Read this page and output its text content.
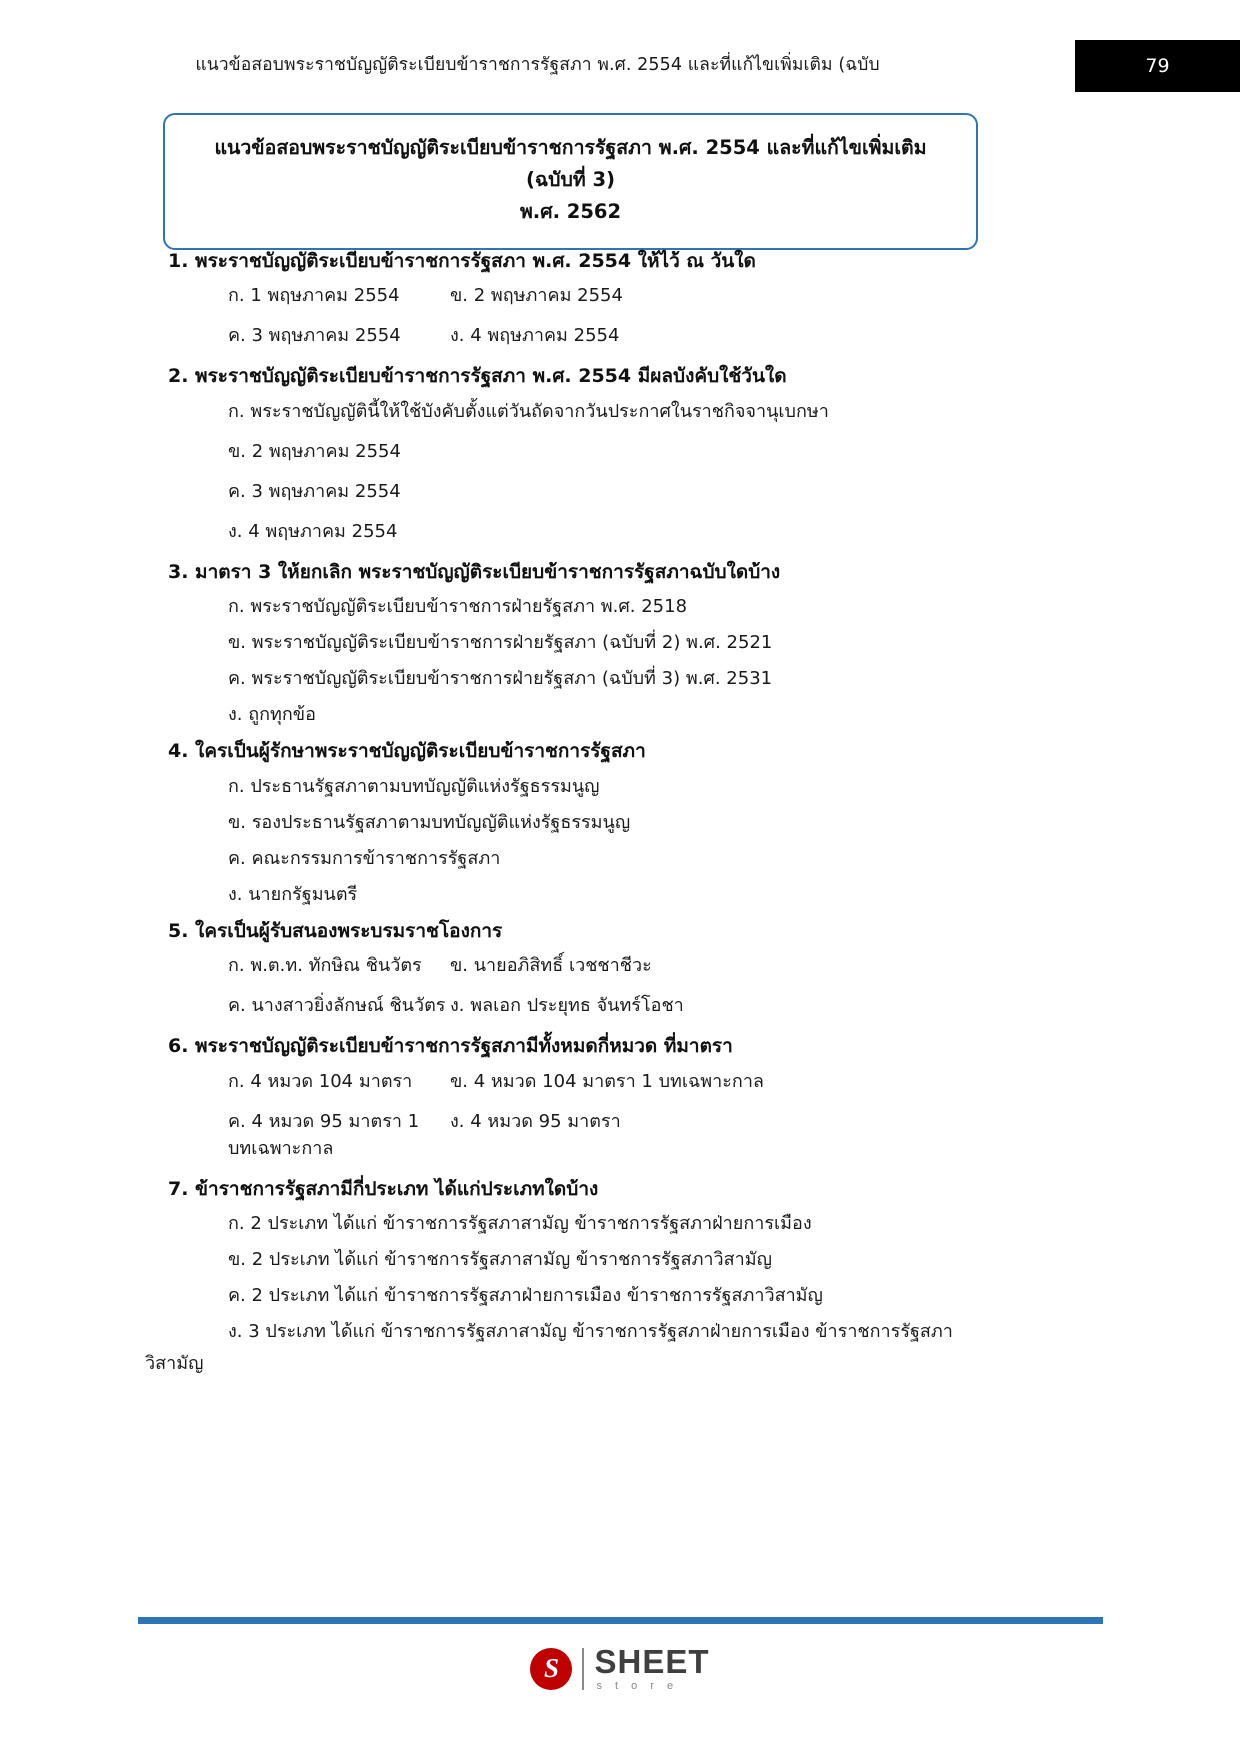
แนวข้อสอบพระราชบัญญัติระเบียบข้าราชการรัฐสภา พ.ศ. 2554 และที่แก้ไขเพิ่มเติม (ฉบับ	79
แนวข้อสอบพระราชบัญญัติระเบียบข้าราชการรัฐสภา พ.ศ. 2554 และที่แก้ไขเพิ่มเติม (ฉบับที่ 3)
พ.ศ. 2562
1. พระราชบัญญัติระเบียบข้าราชการรัฐสภา พ.ศ. 2554 ให้ไว้ ณ วันใด
ก. 1 พฤษภาคม 2554	ข. 2 พฤษภาคม 2554
ค. 3 พฤษภาคม 2554	ง. 4 พฤษภาคม 2554
2. พระราชบัญญัติระเบียบข้าราชการรัฐสภา พ.ศ. 2554 มีผลบังคับใช้วันใด
ก. พระราชบัญญัตินี้ให้ใช้บังคับตั้งแต่วันถัดจากวันประกาศในราชกิจจานุเบกษา
ข. 2 พฤษภาคม 2554
ค. 3 พฤษภาคม 2554
ง. 4 พฤษภาคม 2554
3. มาตรา 3 ให้ยกเลิก พระราชบัญญัติระเบียบข้าราชการรัฐสภาฉบับใดบ้าง
ก. พระราชบัญญัติระเบียบข้าราชการฝ่ายรัฐสภา พ.ศ. 2518
ข. พระราชบัญญัติระเบียบข้าราชการฝ่ายรัฐสภา (ฉบับที่ 2) พ.ศ. 2521
ค. พระราชบัญญัติระเบียบข้าราชการฝ่ายรัฐสภา (ฉบับที่ 3) พ.ศ. 2531
ง. ถูกทุกข้อ
4. ใครเป็นผู้รักษาพระราชบัญญัติระเบียบข้าราชการรัฐสภา
ก. ประธานรัฐสภาตามบทบัญญัติแห่งรัฐธรรมนูญ
ข. รองประธานรัฐสภาตามบทบัญญัติแห่งรัฐธรรมนูญ
ค. คณะกรรมการข้าราชการรัฐสภา
ง. นายกรัฐมนตรี
5. ใครเป็นผู้รับสนองพระบรมราชโองการ
ก. พ.ต.ท. ทักษิณ ชินวัตร	ข. นายอภิสิทธิ์ เวชชาชีวะ
ค. นางสาวยิ่งลักษณ์ ชินวัตร ง. พลเอก ประยุทธ จันทร์โอชา
6. พระราชบัญญัติระเบียบข้าราชการรัฐสภามีทั้งหมดกี่หมวด ที่มาตรา
ก. 4 หมวด 104 มาตรา	ข. 4 หมวด 104 มาตรา 1 บทเฉพาะกาล
ค. 4 หมวด 95 มาตรา 1 บทเฉพาะกาล
ง. 4 หมวด 95 มาตรา
7. ข้าราชการรัฐสภามีกี่ประเภท ได้แก่ประเภทใดบ้าง
ก. 2 ประเภท ได้แก่ ข้าราชการรัฐสภาสามัญ ข้าราชการรัฐสภาฝ่ายการเมือง
ข. 2 ประเภท ได้แก่ ข้าราชการรัฐสภาสามัญ ข้าราชการรัฐสภาวิสามัญ
ค. 2 ประเภท ได้แก่ ข้าราชการรัฐสภาฝ่ายการเมือง ข้าราชการรัฐสภาวิสามัญ
ง. 3 ประเภท ได้แก่ ข้าราชการรัฐสภาสามัญ ข้าราชการรัฐสภาฝ่ายการเมือง ข้าราชการรัฐสภา
วิสามัญ
S SHEET
s t o r e
